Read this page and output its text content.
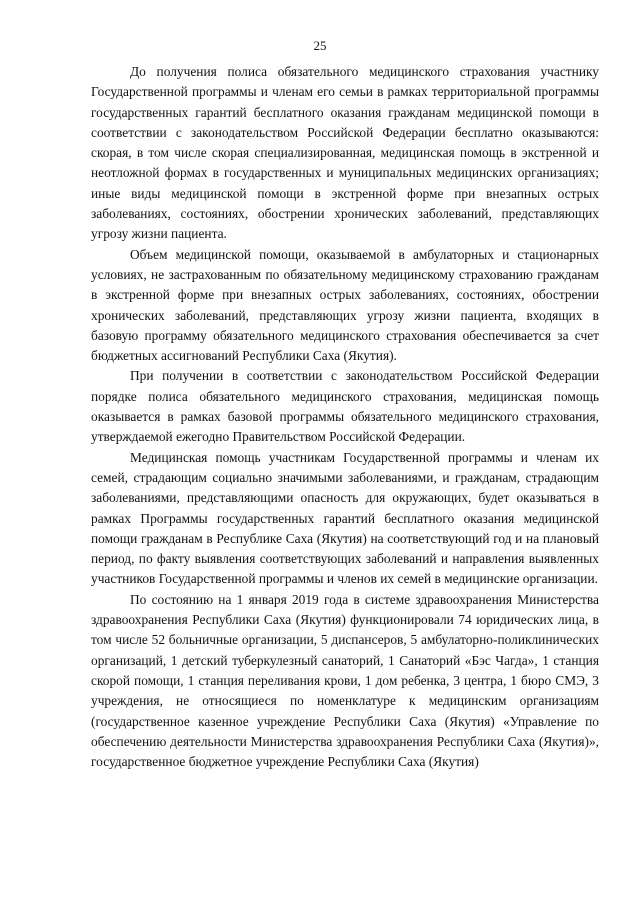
25

До получения полиса обязательного медицинского страхования участнику Государственной программы и членам его семьи в рамках территориальной программы государственных гарантий бесплатного оказания гражданам медицинской помощи в соответствии с законодательством Российской Федерации бесплатно оказываются: скорая, в том числе скорая специализированная, медицинская помощь в экстренной и неотложной формах в государственных и муниципальных медицинских организациях; иные виды медицинской помощи в экстренной форме при внезапных острых заболеваниях, состояниях, обострении хронических заболеваний, представляющих угрозу жизни пациента.

Объем медицинской помощи, оказываемой в амбулаторных и стационарных условиях, не застрахованным по обязательному медицинскому страхованию гражданам в экстренной форме при внезапных острых заболеваниях, состояниях, обострении хронических заболеваний, представляющих угрозу жизни пациента, входящих в базовую программу обязательного медицинского страхования обеспечивается за счет бюджетных ассигнований Республики Саха (Якутия).

При получении в соответствии с законодательством Российской Федерации порядке полиса обязательного медицинского страхования, медицинская помощь оказывается в рамках базовой программы обязательного медицинского страхования, утверждаемой ежегодно Правительством Российской Федерации.

Медицинская помощь участникам Государственной программы и членам их семей, страдающим социально значимыми заболеваниями, и гражданам, страдающим заболеваниями, представляющими опасность для окружающих, будет оказываться в рамках Программы государственных гарантий бесплатного оказания медицинской помощи гражданам в Республике Саха (Якутия) на соответствующий год и на плановый период, по факту выявления соответствующих заболеваний и направления выявленных участников Государственной программы и членов их семей в медицинские организации.

По состоянию на 1 января 2019 года в системе здравоохранения Министерства здравоохранения Республики Саха (Якутия) функционировали 74 юридических лица, в том числе 52 больничные организации, 5 диспансеров, 5 амбулаторно-поликлинических организаций, 1 детский туберкулезный санаторий, 1 Санаторий «Бэс Чагда», 1 станция скорой помощи, 1 станция переливания крови, 1 дом ребенка, 3 центра, 1 бюро СМЭ, 3 учреждения, не относящиеся по номенклатуре к медицинским организациям (государственное казенное учреждение Республики Саха (Якутия) «Управление по обеспечению деятельности Министерства здравоохранения Республики Саха (Якутия)», государственное бюджетное учреждение Республики Саха (Якутия)
